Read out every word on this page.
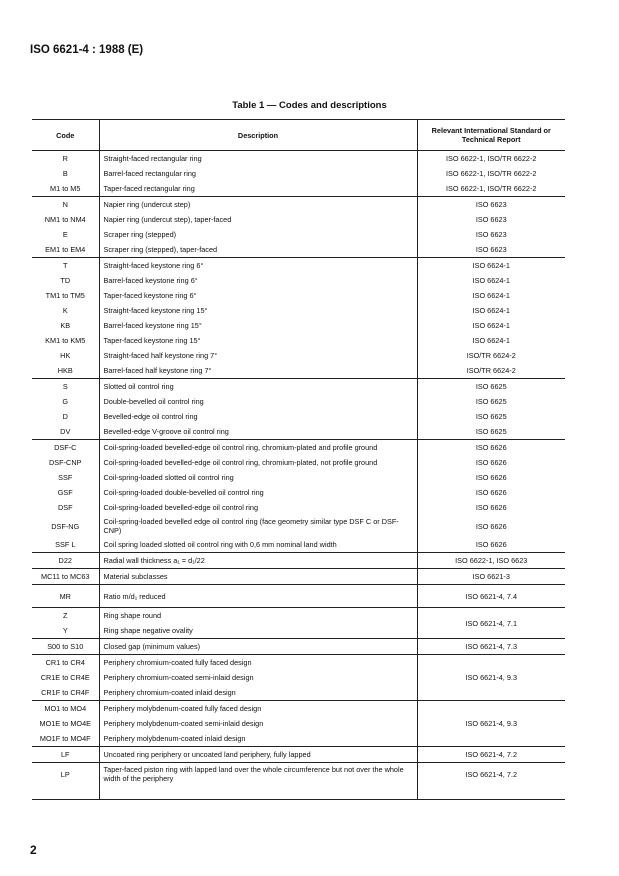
ISO 6621-4 : 1988 (E)
Table 1 — Codes and descriptions
Code	Description	Relevant International Standard or Technical Report
R	Straight-faced rectangular ring	ISO 6622-1, ISO/TR 6622-2
B	Barrel-faced rectangular ring	ISO 6622-1, ISO/TR 6622-2
M1 to M5	Taper-faced rectangular ring	ISO 6622-1, ISO/TR 6622-2
N	Napier ring (undercut step)	ISO 6623
NM1 to NM4	Napier ring (undercut step), taper-faced	ISO 6623
E	Scraper ring (stepped)	ISO 6623
EM1 to EM4	Scraper ring (stepped), taper-faced	ISO 6623
T	Straight-faced keystone ring 6°	ISO 6624-1
TD	Barrel-faced keystone ring 6°	ISO 6624-1
TM1 to TM5	Taper-faced keystone ring 6°	ISO 6624-1
K	Straight-faced keystone ring 15°	ISO 6624-1
KB	Barrel-faced keystone ring 15°	ISO 6624-1
KM1 to KM5	Taper-faced keystone ring 15°	ISO 6624-1
HK	Straight-faced half keystone ring 7°	ISO/TR 6624-2
HKB	Barrel-faced half keystone ring 7°	ISO/TR 6624-2
S	Slotted oil control ring	ISO 6625
G	Double-bevelled oil control ring	ISO 6625
D	Bevelled-edge oil control ring	ISO 6625
DV	Bevelled-edge V-groove oil control ring	ISO 6625
DSF-C	Coil-spring-loaded bevelled-edge oil control ring, chromium-plated and profile ground	ISO 6626
DSF-CNP	Coil-spring-loaded bevelled-edge oil control ring, chromium-plated, not profile ground	ISO 6626
SSF	Coil-spring-loaded slotted oil control ring	ISO 6626
GSF	Coil-spring-loaded double-bevelled oil control ring	ISO 6626
DSF	Coil-spring-loaded bevelled-edge oil control ring	ISO 6626
DSF-NG	Coil-spring-loaded bevelled edge oil control ring (face geometry similar type DSF C or DSF-CNP)	ISO 6626
SSF L	Coil spring loaded slotted oil control ring with 0,6 mm nominal land width	ISO 6626
D22	Radial wall thickness a₁ = d₁/22	ISO 6622-1, ISO 6623
MC11 to MC63	Material subclasses	ISO 6621-3
MR	Ratio m/d₁ reduced	ISO 6621-4, 7.4
Z	Ring shape round	ISO 6621-4, 7.1
Y	Ring shape negative ovality	
S00 to S10	Closed gap (minimum values)	ISO 6621-4, 7.3
CR1 to CR4	Periphery chromium-coated fully faced design	ISO 6621-4, 9.3
CR1E to CR4E	Periphery chromium-coated semi-inlaid design	
CR1F to CR4F	Periphery chromium-coated inlaid design	
MO1 to MO4	Periphery molybdenum-coated fully faced design	ISO 6621-4, 9.3
MO1E to MO4E	Periphery molybdenum-coated semi-inlaid design	
MO1F to MO4F	Periphery molybdenum-coated inlaid design	
LF	Uncoated ring periphery or uncoated land periphery, fully lapped	ISO 6621-4, 7.2
LP	Taper-faced piston ring with lapped land over the whole circumference but not over the whole width of the periphery	ISO 6621-4, 7.2

2
